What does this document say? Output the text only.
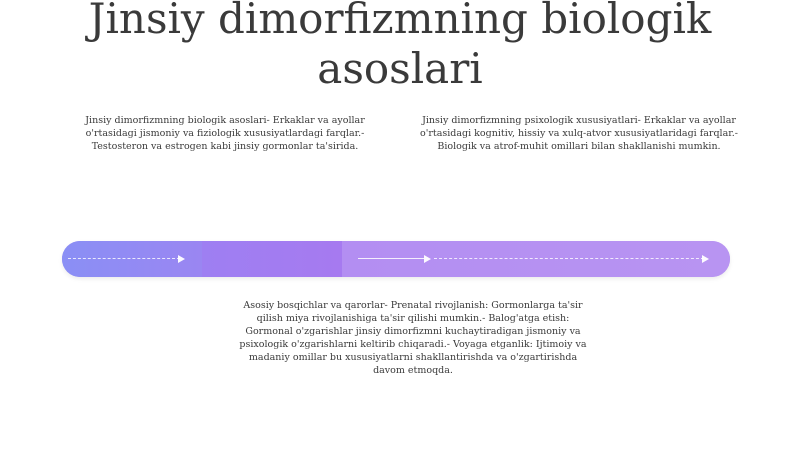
Jinsiy dimorfizmning biologik asoslari
Jinsiy dimorfizmning biologik asoslari- Erkaklar va ayollar o'rtasidagi jismoniy va fiziologik xususiyatlardagi farqlar.- Testosteron va estrogen kabi jinsiy gormonlar ta'sirida.
Jinsiy dimorfizmning psixologik xususiyatlari- Erkaklar va ayollar o'rtasidagi kognitiv, hissiy va xulq-atvor xususiyatlaridagi farqlar.- Biologik va atrof-muhit omillari bilan shakllanishi mumkin.
Asosiy bosqichlar va qarorlar- Prenatal rivojlanish: Gormonlarga ta'sir qilish miya rivojlanishiga ta'sir qilishi mumkin.- Balog'atga etish: Gormonal o'zgarishlar jinsiy dimorfizmni kuchaytiradigan jismoniy va psixologik o'zgarishlarni keltirib chiqaradi.- Voyaga etganlik: Ijtimoiy va madaniy omillar bu xususiyatlarni shakllantirishda va o'zgartirishda davom etmoqda.
